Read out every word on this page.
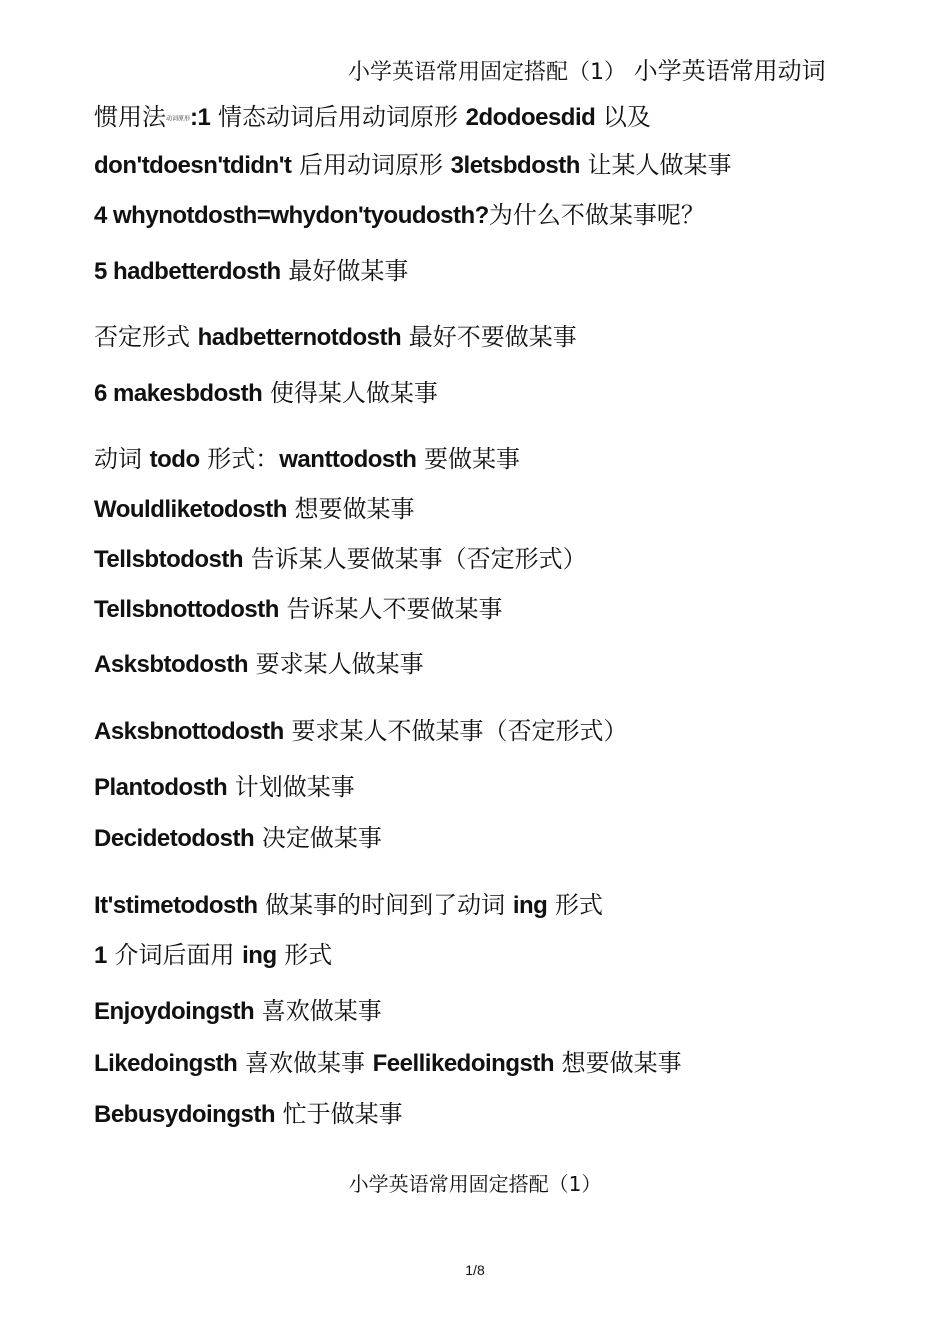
小学英语常用固定搭配（1） 小学英语常用动词
惯用法动词原形:1 情态动词后用动词原形 2dodoesdid 以及
don'tdoesn'tdidn't 后用动词原形 3letsbdosth 让某人做某事
4 whynotdosth=whydon'tyoudosth?为什么不做某事呢？
5 hadbetterdosth 最好做某事
否定形式 hadbetternotdosth 最好不要做某事
6 makesbdosth 使得某人做某事
动词 todo 形式：wanttodosth 要做某事
Wouldliketodosth 想要做某事
Tellsbtodosth 告诉某人要做某事（否定形式）
Tellsbnottodosth 告诉某人不要做某事
Asksbtodosth 要求某人做某事
Asksbnottodosth 要求某人不做某事（否定形式）
Plantodosth 计划做某事
Decidetodosth 决定做某事
It'stimetodosth 做某事的时间到了动词 ing 形式
1 介词后面用 ing 形式
Enjoydoingsth 喜欢做某事
Likedoingsth 喜欢做某事 Feellikedoingsth 想要做某事
Bebusydoingsth 忙于做某事
小学英语常用固定搭配（1）
1/8
